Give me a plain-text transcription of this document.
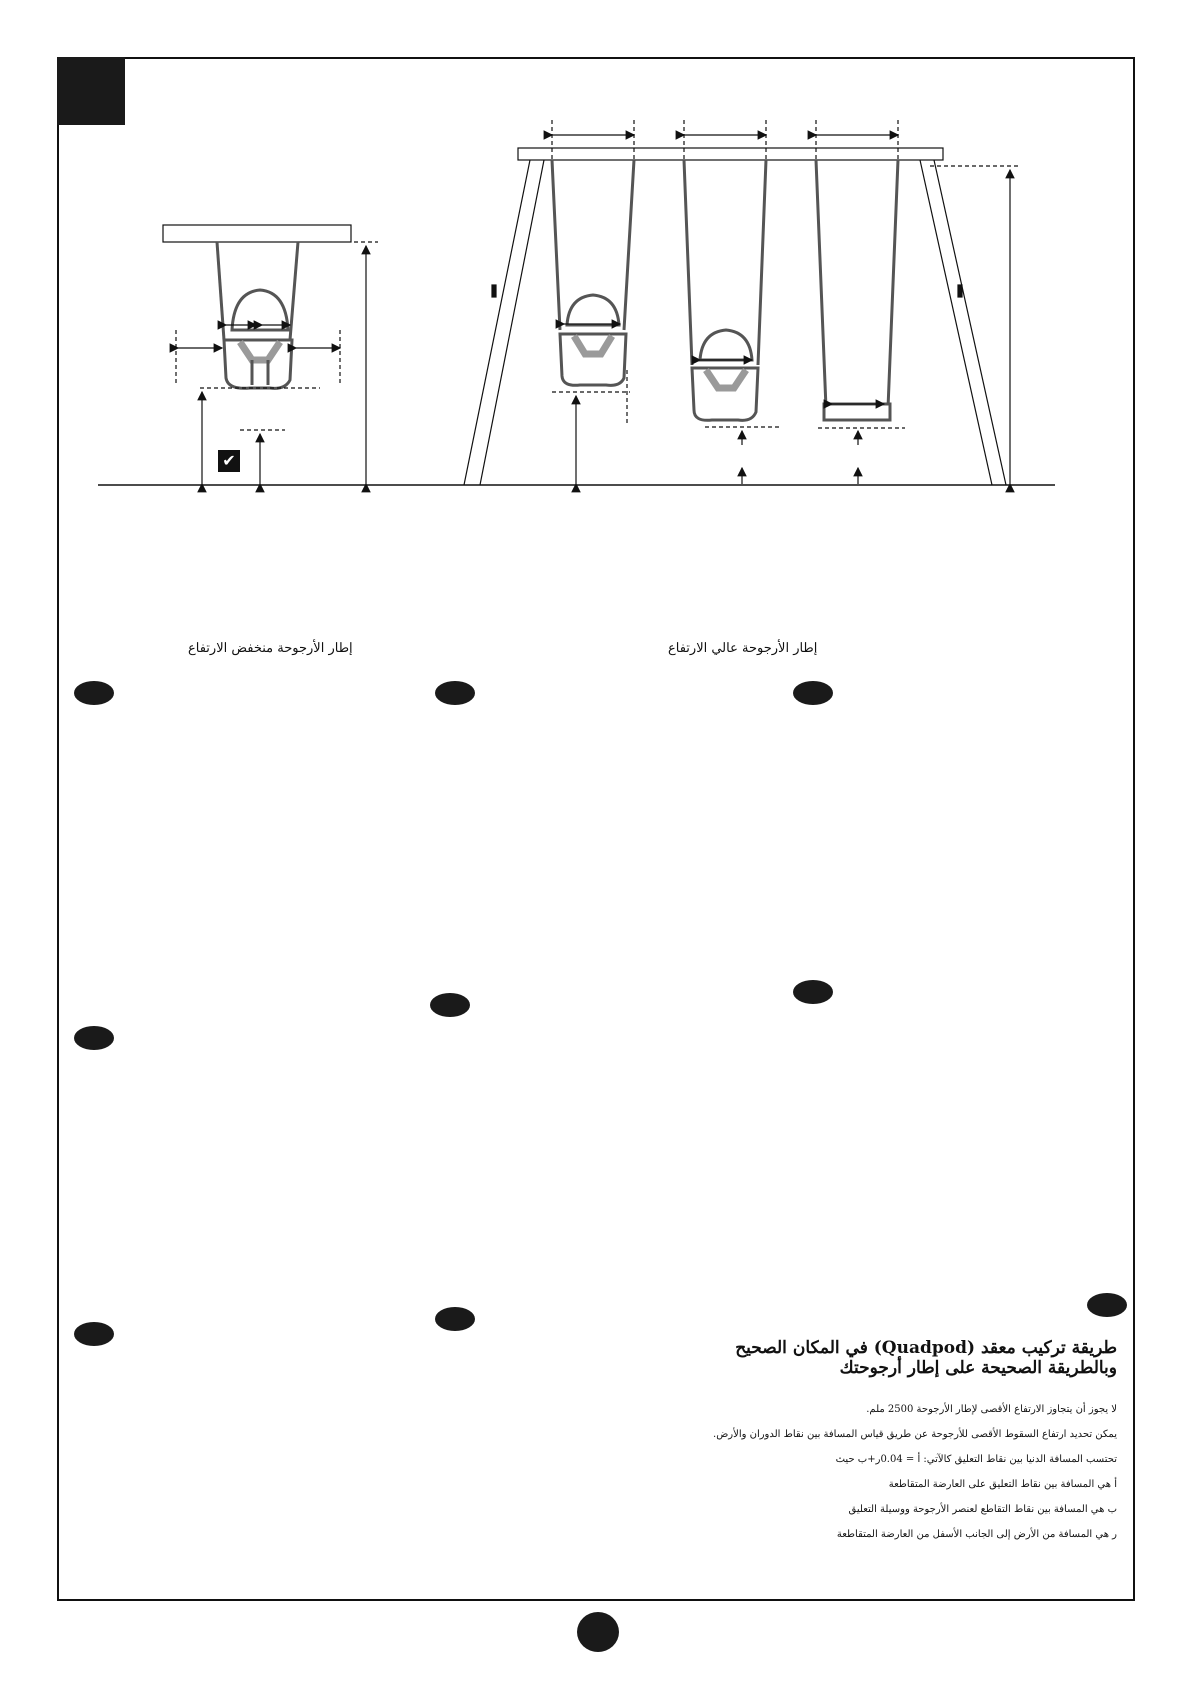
✔
إطار الأرجوحة منخفض الارتفاع	إطار الأرجوحة عالي الارتفاع
طريقة تركيب معقد (Quadpod) في المكان الصحيح
وبالطريقة الصحيحة على إطار أرجوحتك
لا يجوز أن يتجاوز الارتفاع الأقصى لإطار الأرجوحة 2500 ملم.
يمكن تحديد ارتفاع السقوط الأقصى للأرجوحة عن طريق قياس المسافة بين نقاط الدوران والأرض.
تحتسب المسافة الدنيا بين نقاط التعليق كالآتي: أ = 0.04ر+ب حيث
أ هي المسافة بين نقاط التعليق على العارضة المتقاطعة
ب هي المسافة بين نقاط التقاطع لعنصر الأرجوحة ووسيلة التعليق
ر هي المسافة من الأرض إلى الجانب الأسفل من العارضة المتقاطعة
